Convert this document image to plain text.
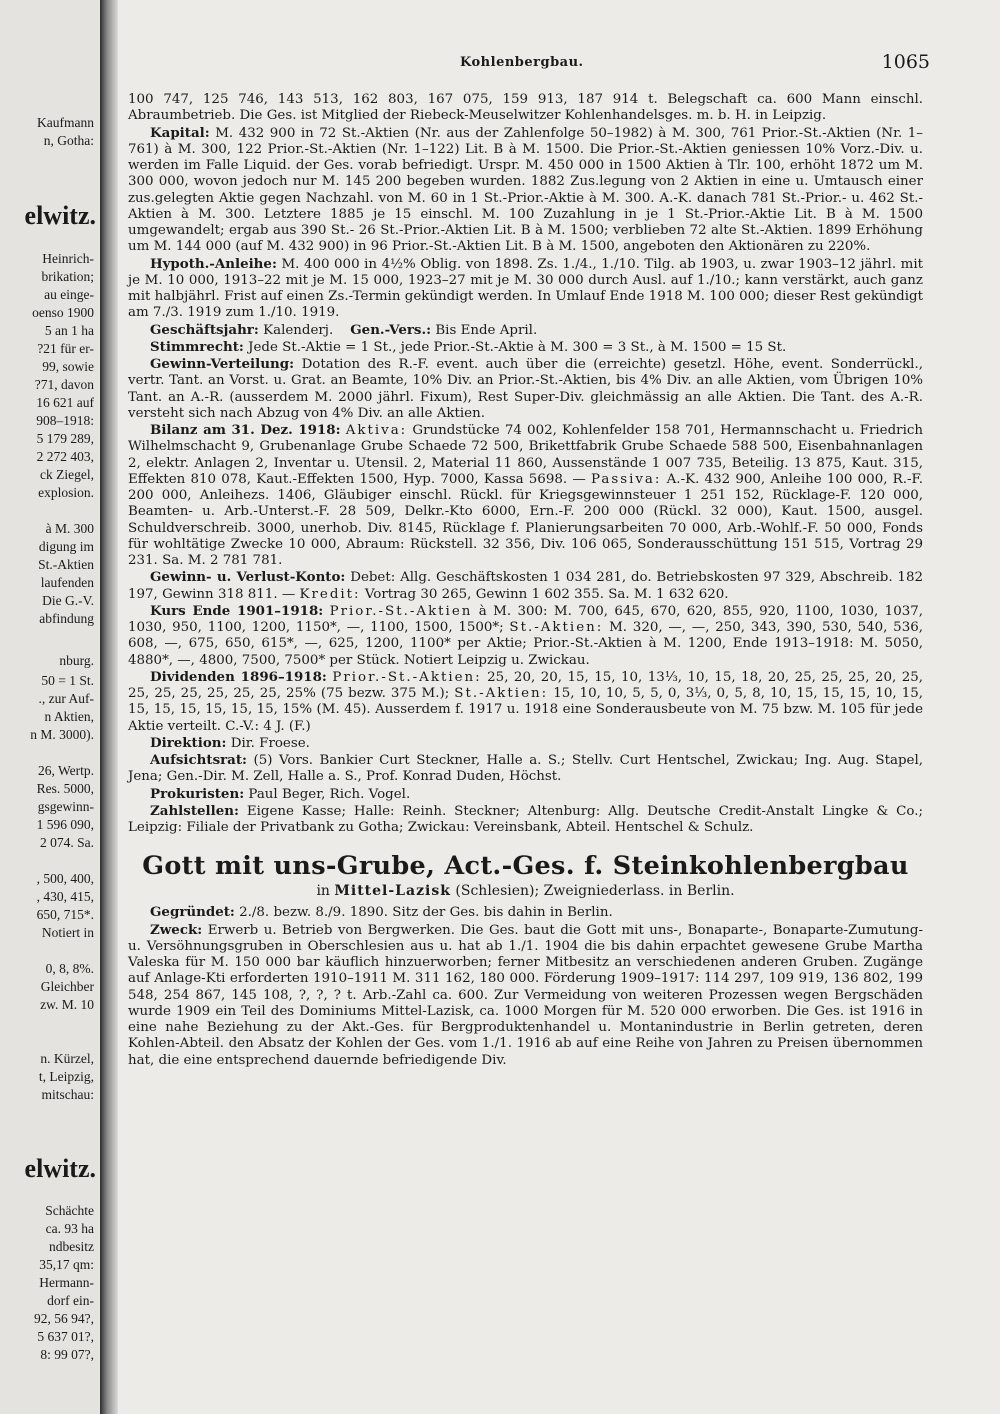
Kaufmann
n, Gotha:
elwitz.
Heinrich-
brikation;
au einge-
oenso 1900
5 an 1 ha
?21 für er-
99, sowie
?71, davon
16 621 auf
908–1918:
5 179 289,
2 272 403,
ck Ziegel,
explosion.
à M. 300
digung im
St.-Aktien
laufenden
Die G.-V.
abfindung
nburg.
50 = 1 St.
., zur Auf-
n Aktien,
n M. 3000).
26, Wertp.
Res. 5000,
gsgewinn-
1 596 090,
2 074. Sa.
, 500, 400,
, 430, 415,
650, 715*.
Notiert in
0, 8, 8%.
Gleichber
zw. M. 10
n. Kürzel,
t, Leipzig,
mitschau:
elwitz.
Schächte
ca. 93 ha
ndbesitz
35,17 qm:
Hermann-
dorf ein-
92, 56 94?,
5 637 01?,
8: 99 07?,
Kohlenbergbau.	1065

100 747, 125 746, 143 513, 162 803, 167 075, 159 913, 187 914 t. Belegschaft ca. 600 Mann einschl. Abraumbetrieb. Die Ges. ist Mitglied der Riebeck-Meuselwitzer Kohlenhandelsges. m. b. H. in Leipzig.

Kapital: M. 432 900 in 72 St.-Aktien (Nr. aus der Zahlenfolge 50–1982) à M. 300, 761 Prior.-St.-Aktien (Nr. 1–761) à M. 300, 122 Prior.-St.-Aktien (Nr. 1–122) Lit. B à M. 1500. Die Prior.-St.-Aktien geniessen 10% Vorz.-Div. u. werden im Falle Liquid. der Ges. vorab befriedigt. Urspr. M. 450 000 in 1500 Aktien à Tlr. 100, erhöht 1872 um M. 300 000, wovon jedoch nur M. 145 200 begeben wurden. 1882 Zus.legung von 2 Aktien in eine u. Umtausch einer zus.gelegten Aktie gegen Nachzahl. von M. 60 in 1 St.-Prior.-Aktie à M. 300. A.-K. danach 781 St.-Prior.- u. 462 St.-Aktien à M. 300. Letztere 1885 je 15 einschl. M. 100 Zuzahlung in je 1 St.-Prior.-Aktie Lit. B à M. 1500 umgewandelt; ergab aus 390 St.- 26 St.-Prior.-Aktien Lit. B à M. 1500; verblieben 72 alte St.-Aktien. 1899 Erhöhung um M. 144 000 (auf M. 432 900) in 96 Prior.-St.-Aktien Lit. B à M. 1500, angeboten den Aktionären zu 220%.

Hypoth.-Anleihe: M. 400 000 in 4½% Oblig. von 1898. Zs. 1./4., 1./10. Tilg. ab 1903, u. zwar 1903–12 jährl. mit je M. 10 000, 1913–22 mit je M. 15 000, 1923–27 mit je M. 30 000 durch Ausl. auf 1./10.; kann verstärkt, auch ganz mit halbjährl. Frist auf einen Zs.-Termin gekündigt werden. In Umlauf Ende 1918 M. 100 000; dieser Rest gekündigt am 7./3. 1919 zum 1./10. 1919.

Geschäftsjahr: Kalenderj. Gen.-Vers.: Bis Ende April.

Stimmrecht: Jede St.-Aktie = 1 St., jede Prior.-St.-Aktie à M. 300 = 3 St., à M. 1500 = 15 St.

Gewinn-Verteilung: Dotation des R.-F. event. auch über die (erreichte) gesetzl. Höhe, event. Sonderrückl., vertr. Tant. an Vorst. u. Grat. an Beamte, 10% Div. an Prior.-St.-Aktien, bis 4% Div. an alle Aktien, vom Übrigen 10% Tant. an A.-R. (ausserdem M. 2000 jährl. Fixum), Rest Super-Div. gleichmässig an alle Aktien. Die Tant. des A.-R. versteht sich nach Abzug von 4% Div. an alle Aktien.

Bilanz am 31. Dez. 1918: Aktiva: Grundstücke 74 002, Kohlenfelder 158 701, Hermannschacht u. Friedrich Wilhelmschacht 9, Grubenanlage Grube Schaede 72 500, Brikettfabrik Grube Schaede 588 500, Eisenbahnanlagen 2, elektr. Anlagen 2, Inventar u. Utensil. 2, Material 11 860, Aussenstände 1 007 735, Beteilig. 13 875, Kaut. 315, Effekten 810 078, Kaut.-Effekten 1500, Hyp. 7000, Kassa 5698. — Passiva: A.-K. 432 900, Anleihe 100 000, R.-F. 200 000, Anleihezs. 1406, Gläubiger einschl. Rückl. für Kriegsgewinnsteuer 1 251 152, Rücklage-F. 120 000, Beamten- u. Arb.-Unterst.-F. 28 509, Delkr.-Kto 6000, Ern.-F. 200 000 (Rückl. 32 000), Kaut. 1500, ausgel. Schuldverschreib. 3000, unerhob. Div. 8145, Rücklage f. Planierungsarbeiten 70 000, Arb.-Wohlf.-F. 50 000, Fonds für wohltätige Zwecke 10 000, Abraum: Rückstell. 32 356, Div. 106 065, Sonderausschüttung 151 515, Vortrag 29 231. Sa. M. 2 781 781.

Gewinn- u. Verlust-Konto: Debet: Allg. Geschäftskosten 1 034 281, do. Betriebskosten 97 329, Abschreib. 182 197, Gewinn 318 811. — Kredit: Vortrag 30 265, Gewinn 1 602 355. Sa. M. 1 632 620.

Kurs Ende 1901–1918: Prior.-St.-Aktien à M. 300: M. 700, 645, 670, 620, 855, 920, 1100, 1030, 1037, 1030, 950, 1100, 1200, 1150*, —, 1100, 1500, 1500*; St.-Aktien: M. 320, —, —, 250, 343, 390, 530, 540, 536, 608, —, 675, 650, 615*, —, 625, 1200, 1100* per Aktie; Prior.-St.-Aktien à M. 1200, Ende 1913–1918: M. 5050, 4880*, —, 4800, 7500, 7500* per Stück. Notiert Leipzig u. Zwickau.

Dividenden 1896–1918: Prior.-St.-Aktien: 25, 20, 20, 15, 15, 10, 13⅓, 10, 15, 18, 20, 25, 25, 25, 20, 25, 25, 25, 25, 25, 25, 25, 25% (75 bezw. 375 M.); St.-Aktien: 15, 10, 10, 5, 5, 0, 3⅓, 0, 5, 8, 10, 15, 15, 15, 10, 15, 15, 15, 15, 15, 15, 15, 15% (M. 45). Ausserdem f. 1917 u. 1918 eine Sonderausbeute von M. 75 bzw. M. 105 für jede Aktie verteilt. C.-V.: 4 J. (F.)

Direktion: Dir. Froese.

Aufsichtsrat: (5) Vors. Bankier Curt Steckner, Halle a. S.; Stellv. Curt Hentschel, Zwickau; Ing. Aug. Stapel, Jena; Gen.-Dir. M. Zell, Halle a. S., Prof. Konrad Duden, Höchst.

Prokuristen: Paul Beger, Rich. Vogel.

Zahlstellen: Eigene Kasse; Halle: Reinh. Steckner; Altenburg: Allg. Deutsche Credit-Anstalt Lingke & Co.; Leipzig: Filiale der Privatbank zu Gotha; Zwickau: Vereinsbank, Abteil. Hentschel & Schulz.

Gott mit uns-Grube, Act.-Ges. f. Steinkohlenbergbau

in Mittel-Lazisk (Schlesien); Zweigniederlass. in Berlin.

Gegründet: 2./8. bezw. 8./9. 1890. Sitz der Ges. bis dahin in Berlin.

Zweck: Erwerb u. Betrieb von Bergwerken. Die Ges. baut die Gott mit uns-, Bonaparte-, Bonaparte-Zumutung- u. Versöhnungsgruben in Oberschlesien aus u. hat ab 1./1. 1904 die bis dahin erpachtet gewesene Grube Martha Valeska für M. 150 000 bar käuflich hinzuerworben; ferner Mitbesitz an verschiedenen anderen Gruben. Zugänge auf Anlage-Kti erforderten 1910–1911 M. 311 162, 180 000. Förderung 1909–1917: 114 297, 109 919, 136 802, 199 548, 254 867, 145 108, ?, ?, ? t. Arb.-Zahl ca. 600. Zur Vermeidung von weiteren Prozessen wegen Bergschäden wurde 1909 ein Teil des Dominiums Mittel-Lazisk, ca. 1000 Morgen für M. 520 000 erworben. Die Ges. ist 1916 in eine nahe Beziehung zu der Akt.-Ges. für Bergproduktenhandel u. Montanindustrie in Berlin getreten, deren Kohlen-Abteil. den Absatz der Kohlen der Ges. vom 1./1. 1916 ab auf eine Reihe von Jahren zu Preisen übernommen hat, die eine entsprechend dauernde befriedigende Div.
